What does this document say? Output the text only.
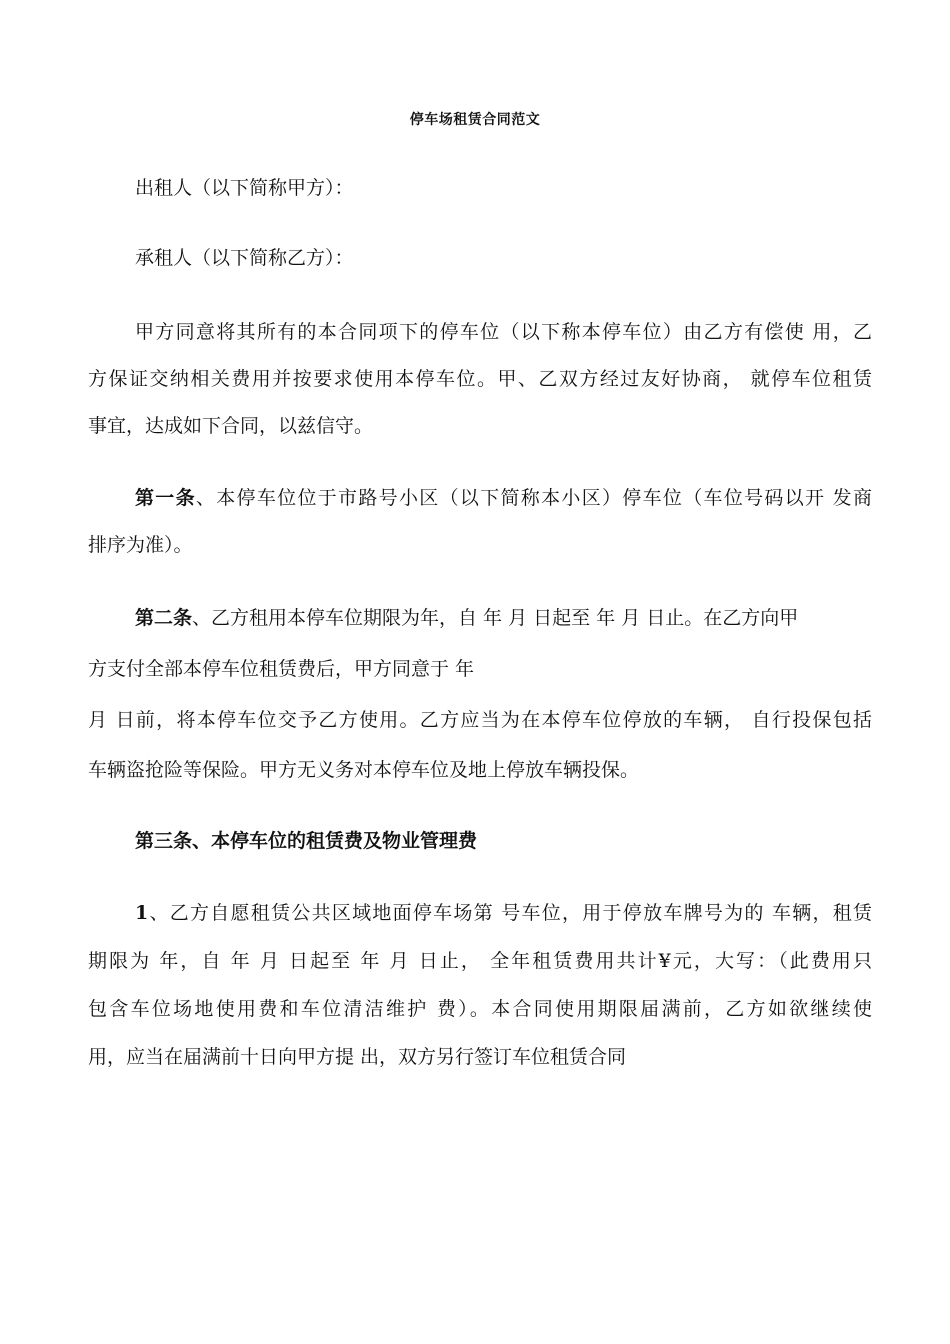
停车场租赁合同范文
出租人（以下简称甲方）：
承租人（以下简称乙方）：
甲方同意将其所有的本合同项下的停车位（以下称本停车位）由乙方有偿使 用，乙
方保证交纳相关费用并按要求使用本停车位。甲、乙双方经过友好协商， 就停车位租赁
事宜，达成如下合同，以兹信守。
第一条、本停车位位于市路号小区（以下简称本小区）停车位（车位号码以开 发商
排序为准）。
第二条、乙方租用本停车位期限为年，自 年 月 日起至 年 月 日止。在乙方向甲
方支付全部本停车位租赁费后，甲方同意于 年
月 日前，将本停车位交予乙方使用。乙方应当为在本停车位停放的车辆， 自行投保包括
车辆盗抢险等保险。甲方无义务对本停车位及地上停放车辆投保。
第三条、本停车位的租赁费及物业管理费
1、乙方自愿租赁公共区域地面停车场第 号车位，用于停放车牌号为的 车辆，租赁
期限为 年，自 年 月 日起至 年 月 日止， 全年租赁费用共计¥元，大写：（此费用只
包含车位场地使用费和车位清洁维护 费）。本合同使用期限届满前，乙方如欲继续使
用，应当在届满前十日向甲方提 出，双方另行签订车位租赁合同
